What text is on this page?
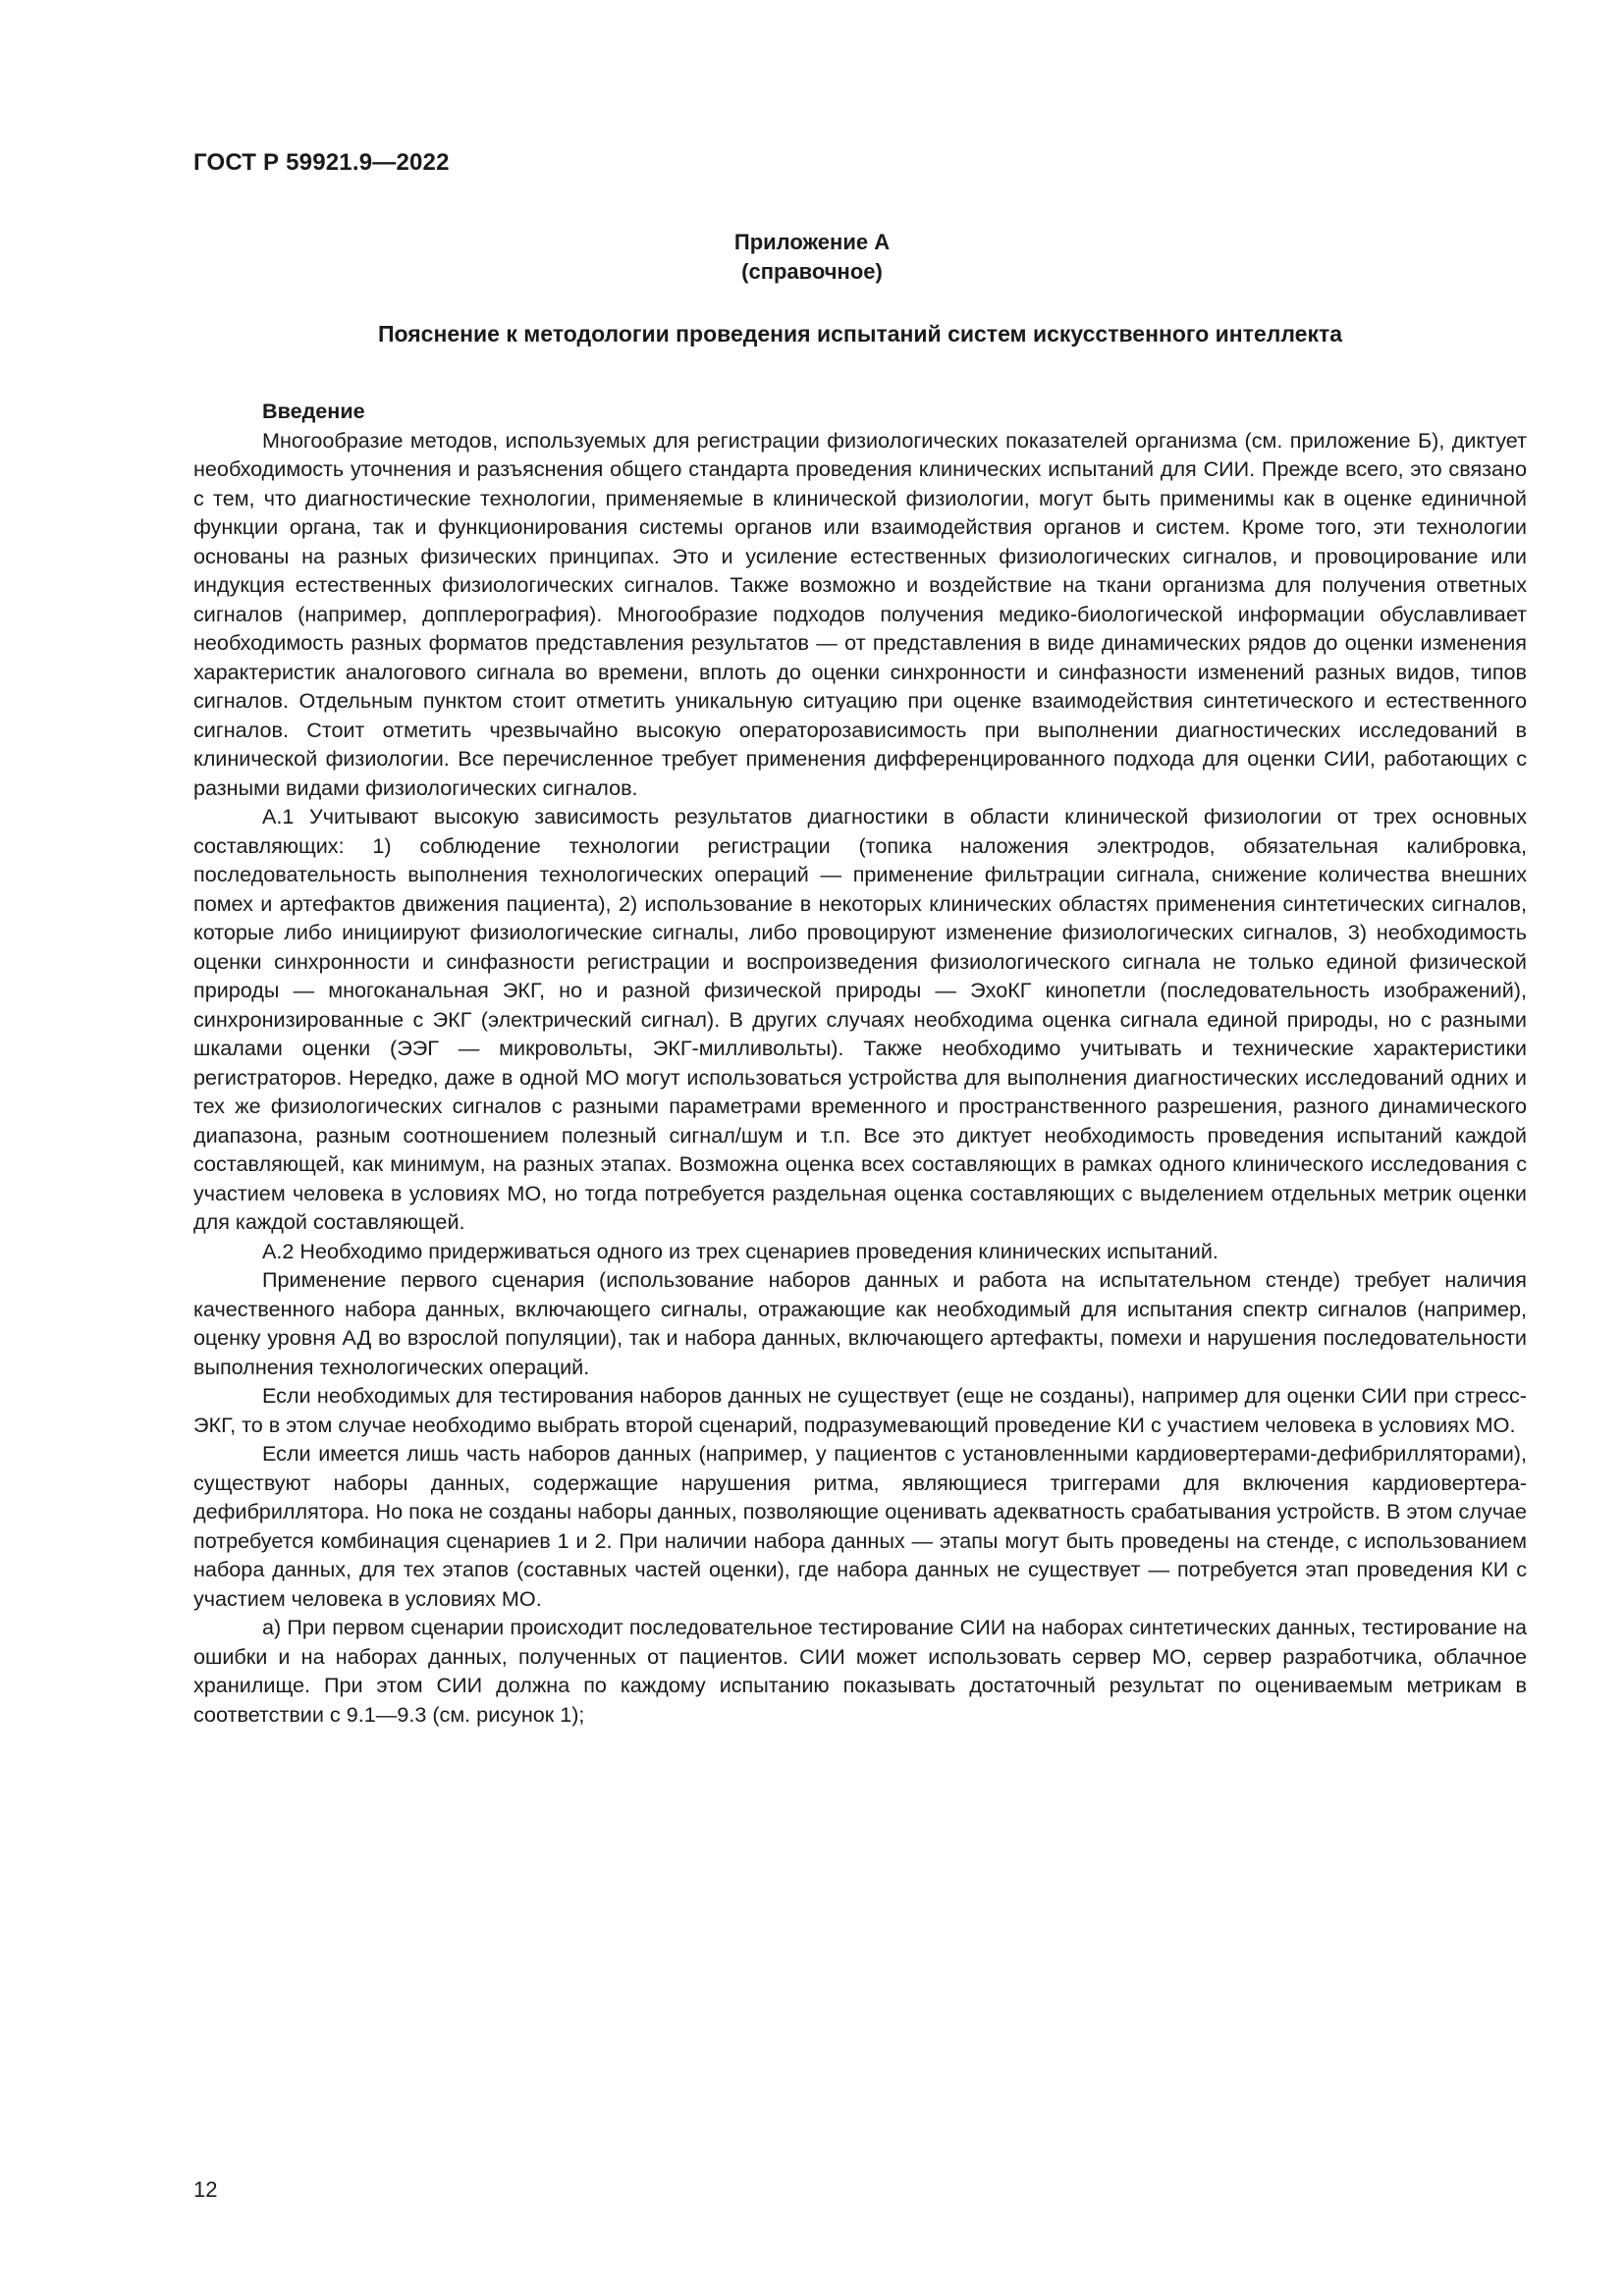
ГОСТ Р 59921.9—2022
Приложение А
(справочное)
Пояснение к методологии проведения испытаний систем искусственного интеллекта
Введение

Многообразие методов, используемых для регистрации физиологических показателей организма (см. приложение Б), диктует необходимость уточнения и разъяснения общего стандарта проведения клинических испытаний для СИИ. Прежде всего, это связано с тем, что диагностические технологии, применяемые в клинической физиологии, могут быть применимы как в оценке единичной функции органа, так и функционирования системы органов или взаимодействия органов и систем. Кроме того, эти технологии основаны на разных физических принципах. Это и усиление естественных физиологических сигналов, и провоцирование или индукция естественных физиологических сигналов. Также возможно и воздействие на ткани организма для получения ответных сигналов (например, допплерография). Многообразие подходов получения медико-биологической информации обуславливает необходимость разных форматов представления результатов — от представления в виде динамических рядов до оценки изменения характеристик аналогового сигнала во времени, вплоть до оценки синхронности и синфазности изменений разных видов, типов сигналов. Отдельным пунктом стоит отметить уникальную ситуацию при оценке взаимодействия синтетического и естественного сигналов. Стоит отметить чрезвычайно высокую операторозависимость при выполнении диагностических исследований в клинической физиологии. Все перечисленное требует применения дифференцированного подхода для оценки СИИ, работающих с разными видами физиологических сигналов.

А.1 Учитывают высокую зависимость результатов диагностики в области клинической физиологии от трех основных составляющих: 1) соблюдение технологии регистрации (топика наложения электродов, обязательная калибровка, последовательность выполнения технологических операций — применение фильтрации сигнала, снижение количества внешних помех и артефактов движения пациента), 2) использование в некоторых клинических областях применения синтетических сигналов, которые либо инициируют физиологические сигналы, либо провоцируют изменение физиологических сигналов, 3) необходимость оценки синхронности и синфазности регистрации и воспроизведения физиологического сигнала не только единой физической природы — многоканальная ЭКГ, но и разной физической природы — ЭхоКГ кинопетли (последовательность изображений), синхронизированные с ЭКГ (электрический сигнал). В других случаях необходима оценка сигнала единой природы, но с разными шкалами оценки (ЭЭГ — микровольты, ЭКГ-милливольты). Также необходимо учитывать и технические характеристики регистраторов. Нередко, даже в одной МО могут использоваться устройства для выполнения диагностических исследований одних и тех же физиологических сигналов с разными параметрами временного и пространственного разрешения, разного динамического диапазона, разным соотношением полезный сигнал/шум и т.п. Все это диктует необходимость проведения испытаний каждой составляющей, как минимум, на разных этапах. Возможна оценка всех составляющих в рамках одного клинического исследования с участием человека в условиях МО, но тогда потребуется раздельная оценка составляющих с выделением отдельных метрик оценки для каждой составляющей.

А.2 Необходимо придерживаться одного из трех сценариев проведения клинических испытаний.

Применение первого сценария (использование наборов данных и работа на испытательном стенде) требует наличия качественного набора данных, включающего сигналы, отражающие как необходимый для испытания спектр сигналов (например, оценку уровня АД во взрослой популяции), так и набора данных, включающего артефакты, помехи и нарушения последовательности выполнения технологических операций.

Если необходимых для тестирования наборов данных не существует (еще не созданы), например для оценки СИИ при стресс-ЭКГ, то в этом случае необходимо выбрать второй сценарий, подразумевающий проведение КИ с участием человека в условиях МО.

Если имеется лишь часть наборов данных (например, у пациентов с установленными кардиовертерами-дефибрилляторами), существуют наборы данных, содержащие нарушения ритма, являющиеся триггерами для включения кардиовертера-дефибриллятора. Но пока не созданы наборы данных, позволяющие оценивать адекватность срабатывания устройств. В этом случае потребуется комбинация сценариев 1 и 2. При наличии набора данных — этапы могут быть проведены на стенде, с использованием набора данных, для тех этапов (составных частей оценки), где набора данных не существует — потребуется этап проведения КИ с участием человека в условиях МО.

а) При первом сценарии происходит последовательное тестирование СИИ на наборах синтетических данных, тестирование на ошибки и на наборах данных, полученных от пациентов. СИИ может использовать сервер МО, сервер разработчика, облачное хранилище. При этом СИИ должна по каждому испытанию показывать достаточный результат по оцениваемым метрикам в соответствии с 9.1—9.3 (см. рисунок 1);

12
